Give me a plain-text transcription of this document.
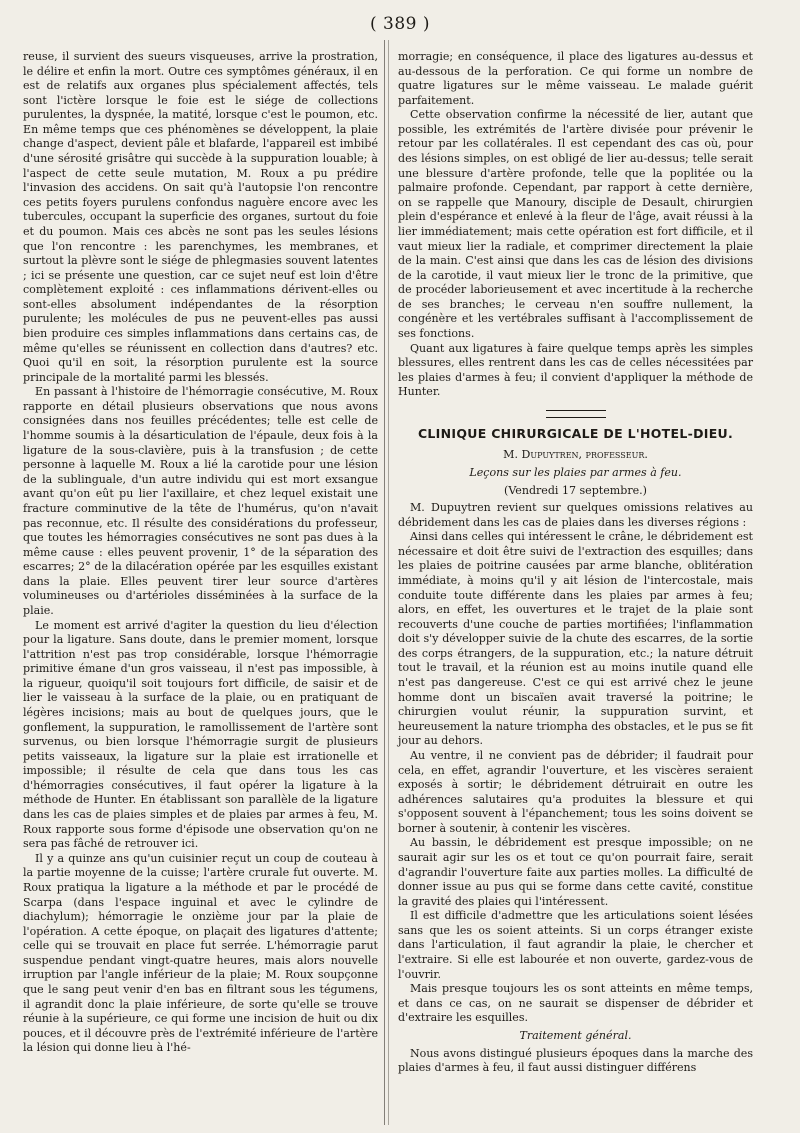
( 389 )

reuse, il survient des sueurs visqueuses, arrive la prostration, le délire et enfin la mort. Outre ces symptômes généraux, il en est de relatifs aux organes plus spécialement affectés, tels sont l'ictère lorsque le foie est le siége de collections purulentes, la dyspnée, la matité, lorsque c'est le poumon, etc. En même temps que ces phénomènes se développent, la plaie change d'aspect, devient pâle et blafarde, l'appareil est imbibé d'une sérosité grisâtre qui succède à la suppuration louable; à l'aspect de cette seule mutation, M. Roux a pu prédire l'invasion des accidens. On sait qu'à l'autopsie l'on rencontre ces petits foyers purulens confondus naguère encore avec les tubercules, occupant la superficie des organes, surtout du foie et du poumon. Mais ces abcès ne sont pas les seules lésions que l'on rencontre : les parenchymes, les membranes, et surtout la plèvre sont le siége de phlegmasies souvent latentes ; ici se présente une question, car ce sujet neuf est loin d'être complètement exploité : ces inflammations dérivent-elles ou sont-elles absolument indépendantes de la résorption purulente; les molécules de pus ne peuvent-elles pas aussi bien produire ces simples inflammations dans certains cas, de même qu'elles se réunissent en collection dans d'autres? etc. Quoi qu'il en soit, la résorption purulente est la source principale de la mortalité parmi les blessés.

En passant à l'histoire de l'hémorragie consécutive, M. Roux rapporte en détail plusieurs observations que nous avons consignées dans nos feuilles précédentes; telle est celle de l'homme soumis à la désarticulation de l'épaule, deux fois à la ligature de la sous-clavière, puis à la transfusion ; de cette personne à laquelle M. Roux a lié la carotide pour une lésion de la sublinguale, d'un autre individu qui est mort exsangue avant qu'on eût pu lier l'axillaire, et chez lequel existait une fracture comminutive de la tête de l'humérus, qu'on n'avait pas reconnue, etc. Il résulte des considérations du professeur, que toutes les hémorragies consécutives ne sont pas dues à la même cause : elles peuvent provenir, 1° de la séparation des escarres; 2° de la dilacération opérée par les esquilles existant dans la plaie. Elles peuvent tirer leur source d'artères volumineuses ou d'artérioles disséminées à la surface de la plaie.

Le moment est arrivé d'agiter la question du lieu d'élection pour la ligature. Sans doute, dans le premier moment, lorsque l'attrition n'est pas trop considérable, lorsque l'hémorragie primitive émane d'un gros vaisseau, il n'est pas impossible, à la rigueur, quoiqu'il soit toujours fort difficile, de saisir et de lier le vaisseau à la surface de la plaie, ou en pratiquant de légères incisions; mais au bout de quelques jours, que le gonflement, la suppuration, le ramollissement de l'artère sont survenus, ou bien lorsque l'hémorragie surgit de plusieurs petits vaisseaux, la ligature sur la plaie est irrationelle et impossible; il résulte de cela que dans tous les cas d'hémorragies consécutives, il faut opérer la ligature à la méthode de Hunter. En établissant son parallèle de la ligature dans les cas de plaies simples et de plaies par armes à feu, M. Roux rapporte sous forme d'épisode une observation qu'on ne sera pas fâché de retrouver ici.

Il y a quinze ans qu'un cuisinier reçut un coup de couteau à la partie moyenne de la cuisse; l'artère crurale fut ouverte. M. Roux pratiqua la ligature a la méthode et par le procédé de Scarpa (dans l'espace inguinal et avec le cylindre de diachylum); hémorragie le onzième jour par la plaie de l'opération. A cette époque, on plaçait des ligatures d'attente; celle qui se trouvait en place fut serrée. L'hémorragie parut suspendue pendant vingt-quatre heures, mais alors nouvelle irruption par l'angle inférieur de la plaie; M. Roux soupçonne que le sang peut venir d'en bas en filtrant sous les tégumens, il agrandit donc la plaie inférieure, de sorte qu'elle se trouve réunie à la supérieure, ce qui forme une incision de huit ou dix pouces, et il découvre près de l'extrémité inférieure de l'artère la lésion qui donne lieu à l'hé-

morragie; en conséquence, il place des ligatures au-dessus et au-dessous de la perforation. Ce qui forme un nombre de quatre ligatures sur le même vaisseau. Le malade guérit parfaitement.

Cette observation confirme la nécessité de lier, autant que possible, les extrémités de l'artère divisée pour prévenir le retour par les collatérales. Il est cependant des cas où, pour des lésions simples, on est obligé de lier au-dessus; telle serait une blessure d'artère profonde, telle que la poplitée ou la palmaire profonde. Cependant, par rapport à cette dernière, on se rappelle que Manoury, disciple de Desault, chirurgien plein d'espérance et enlevé à la fleur de l'âge, avait réussi à la lier immédiatement; mais cette opération est fort difficile, et il vaut mieux lier la radiale, et comprimer directement la plaie de la main. C'est ainsi que dans les cas de lésion des divisions de la carotide, il vaut mieux lier le tronc de la primitive, que de procéder laborieusement et avec incertitude à la recherche de ses branches; le cerveau n'en souffre nullement, la congénère et les vertébrales suffisant à l'accomplissement de ses fonctions.

Quant aux ligatures à faire quelque temps après les simples blessures, elles rentrent dans les cas de celles nécessitées par les plaies d'armes à feu; il convient d'appliquer la méthode de Hunter.

CLINIQUE CHIRURGICALE DE L'HOTEL-DIEU.

M. Dupuytren, professeur.

Leçons sur les plaies par armes à feu.

(Vendredi 17 septembre.)

M. Dupuytren revient sur quelques omissions relatives au débridement dans les cas de plaies dans les diverses régions :

Ainsi dans celles qui intéressent le crâne, le débridement est nécessaire et doit être suivi de l'extraction des esquilles; dans les plaies de poitrine causées par arme blanche, oblitération immédiate, à moins qu'il y ait lésion de l'intercostale, mais conduite toute différente dans les plaies par armes à feu; alors, en effet, les ouvertures et le trajet de la plaie sont recouverts d'une couche de parties mortifiées; l'inflammation doit s'y développer suivie de la chute des escarres, de la sortie des corps étrangers, de la suppuration, etc.; la nature détruit tout le travail, et la réunion est au moins inutile quand elle n'est pas dangereuse. C'est ce qui est arrivé chez le jeune homme dont un biscaïen avait traversé la poitrine; le chirurgien voulut réunir, la suppuration survint, et heureusement la nature triompha des obstacles, et le pus se fit jour au dehors.

Au ventre, il ne convient pas de débrider; il faudrait pour cela, en effet, agrandir l'ouverture, et les viscères seraient exposés à sortir; le débridement détruirait en outre les adhérences salutaires qu'a produites la blessure et qui s'opposent souvent à l'épanchement; tous les soins doivent se borner à soutenir, à contenir les viscères.

Au bassin, le débridement est presque impossible; on ne saurait agir sur les os et tout ce qu'on pourrait faire, serait d'agrandir l'ouverture faite aux parties molles. La difficulté de donner issue au pus qui se forme dans cette cavité, constitue la gravité des plaies qui l'intéressent.

Il est difficile d'admettre que les articulations soient lésées sans que les os soient atteints. Si un corps étranger existe dans l'articulation, il faut agrandir la plaie, le chercher et l'extraire. Si elle est labourée et non ouverte, gardez-vous de l'ouvrir.

Mais presque toujours les os sont atteints en même temps, et dans ce cas, on ne saurait se dispenser de débrider et d'extraire les esquilles.

Traitement général.

Nous avons distingué plusieurs époques dans la marche des plaies d'armes à feu, il faut aussi distinguer différens
